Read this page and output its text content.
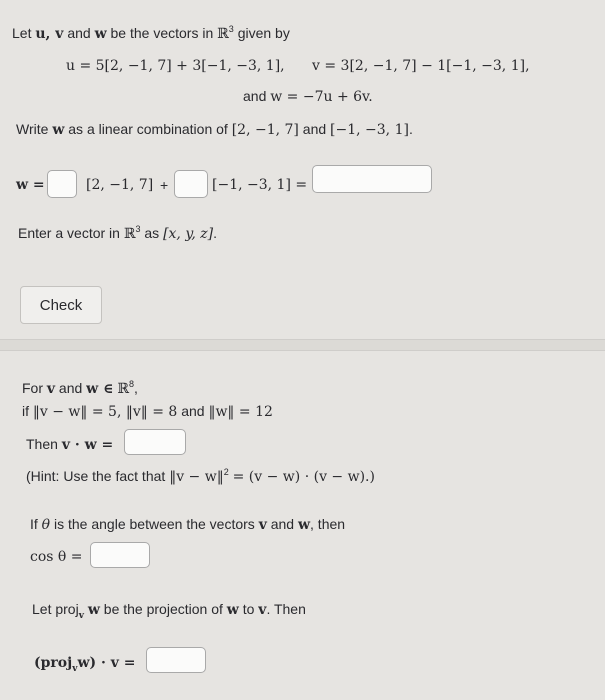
Let u, v and w be the vectors in ℝ$^3$ given by
u = 5[2, −1, 7] + 3[−1, −3, 1], v = 3[2, −1, 7] − 1[−1, −3, 1],
and w = −7u + 6v.
Write w as a linear combination of [2, −1, 7] and [−1, −3, 1].
w =	[2, −1, 7] +	[−1, −3, 1] =
Enter a vector in ℝ$^3$ as [x, y, z].
Check
For v and w ∈ ℝ$^8$,
if ‖v − w‖ = 5, ‖v‖ = 8 and ‖w‖ = 12
Then v · w =
(Hint: Use the fact that ‖v − w‖$^2$ = (v − w) · (v − w).)
If θ is the angle between the vectors v and w, then
cos θ =
Let proj$_v$ w be the projection of w to v. Then
(proj$_v$w) · v =
